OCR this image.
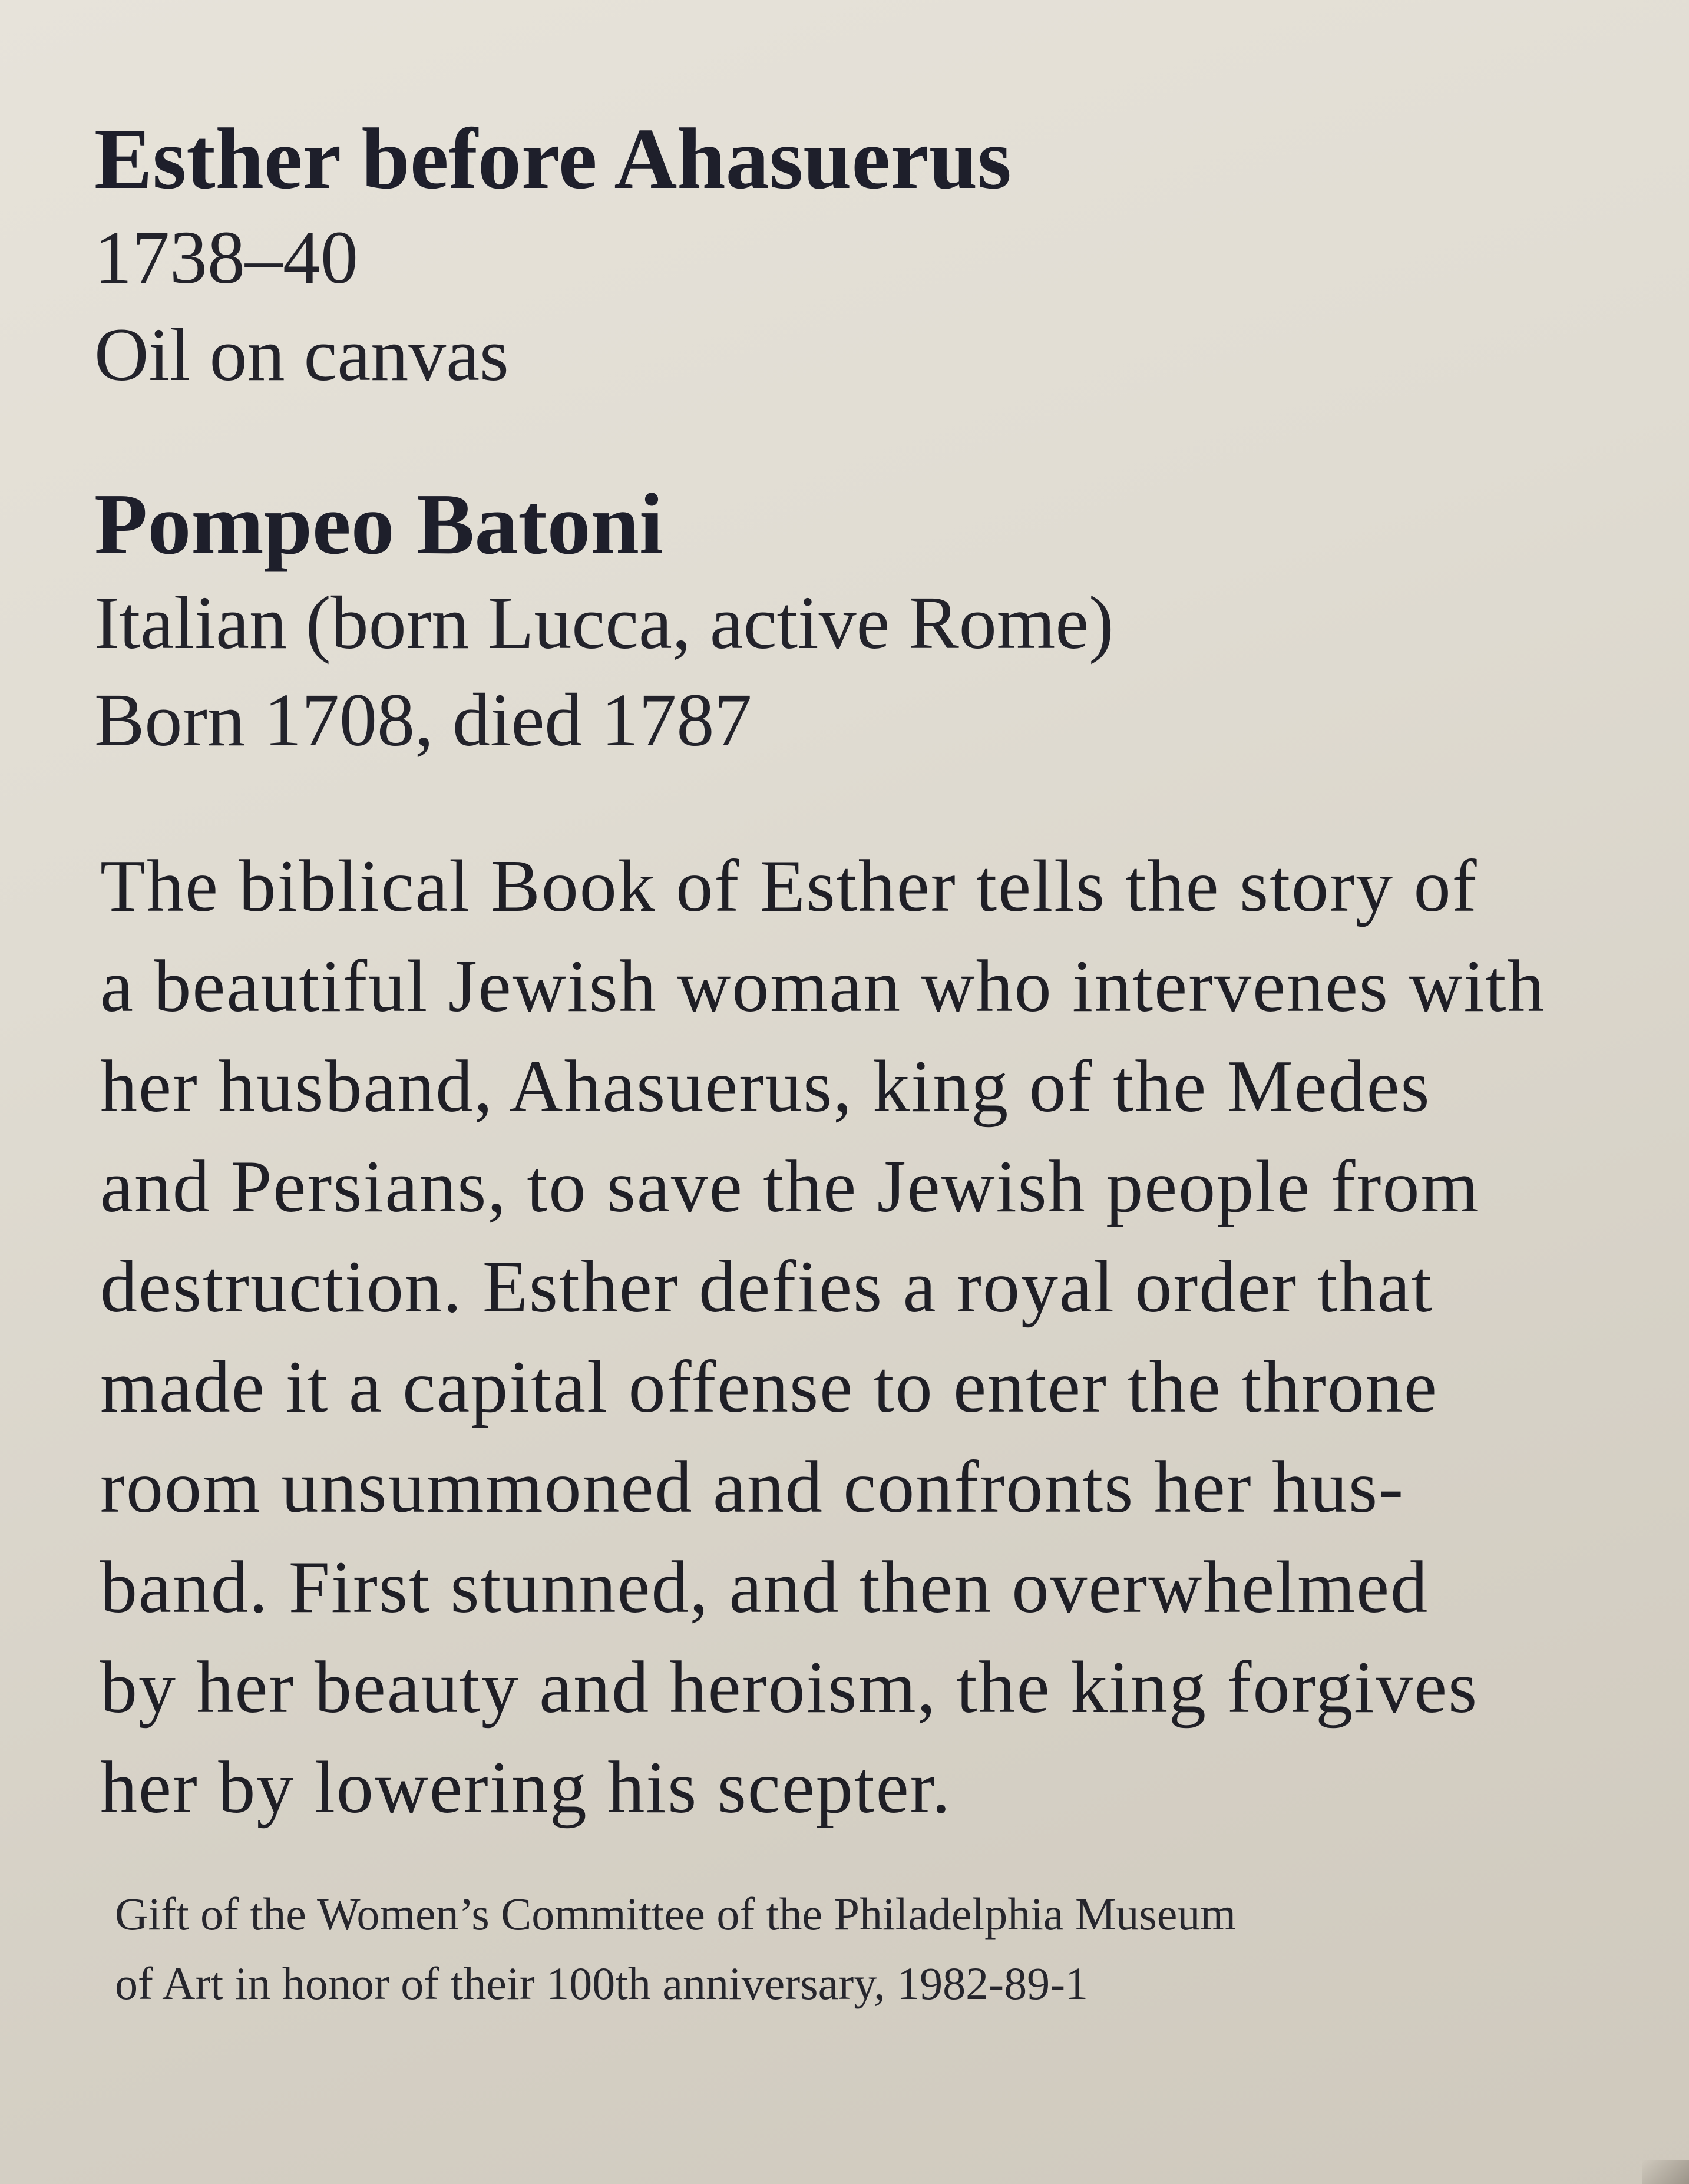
Esther before Ahasuerus

1738–40

Oil on canvas

Pompeo Batoni

Italian (born Lucca, active Rome)

Born 1708, died 1787

The biblical Book of Esther tells the story of
a beautiful Jewish woman who intervenes with
her husband, Ahasuerus, king of the Medes
and Persians, to save the Jewish people from
destruction. Esther defies a royal order that
made it a capital offense to enter the throne
room unsummoned and confronts her hus-
band. First stunned, and then overwhelmed
by her beauty and heroism, the king forgives
her by lowering his scepter.

Gift of the Women’s Committee of the Philadelphia Museum
of Art in honor of their 100th anniversary, 1982-89-1
